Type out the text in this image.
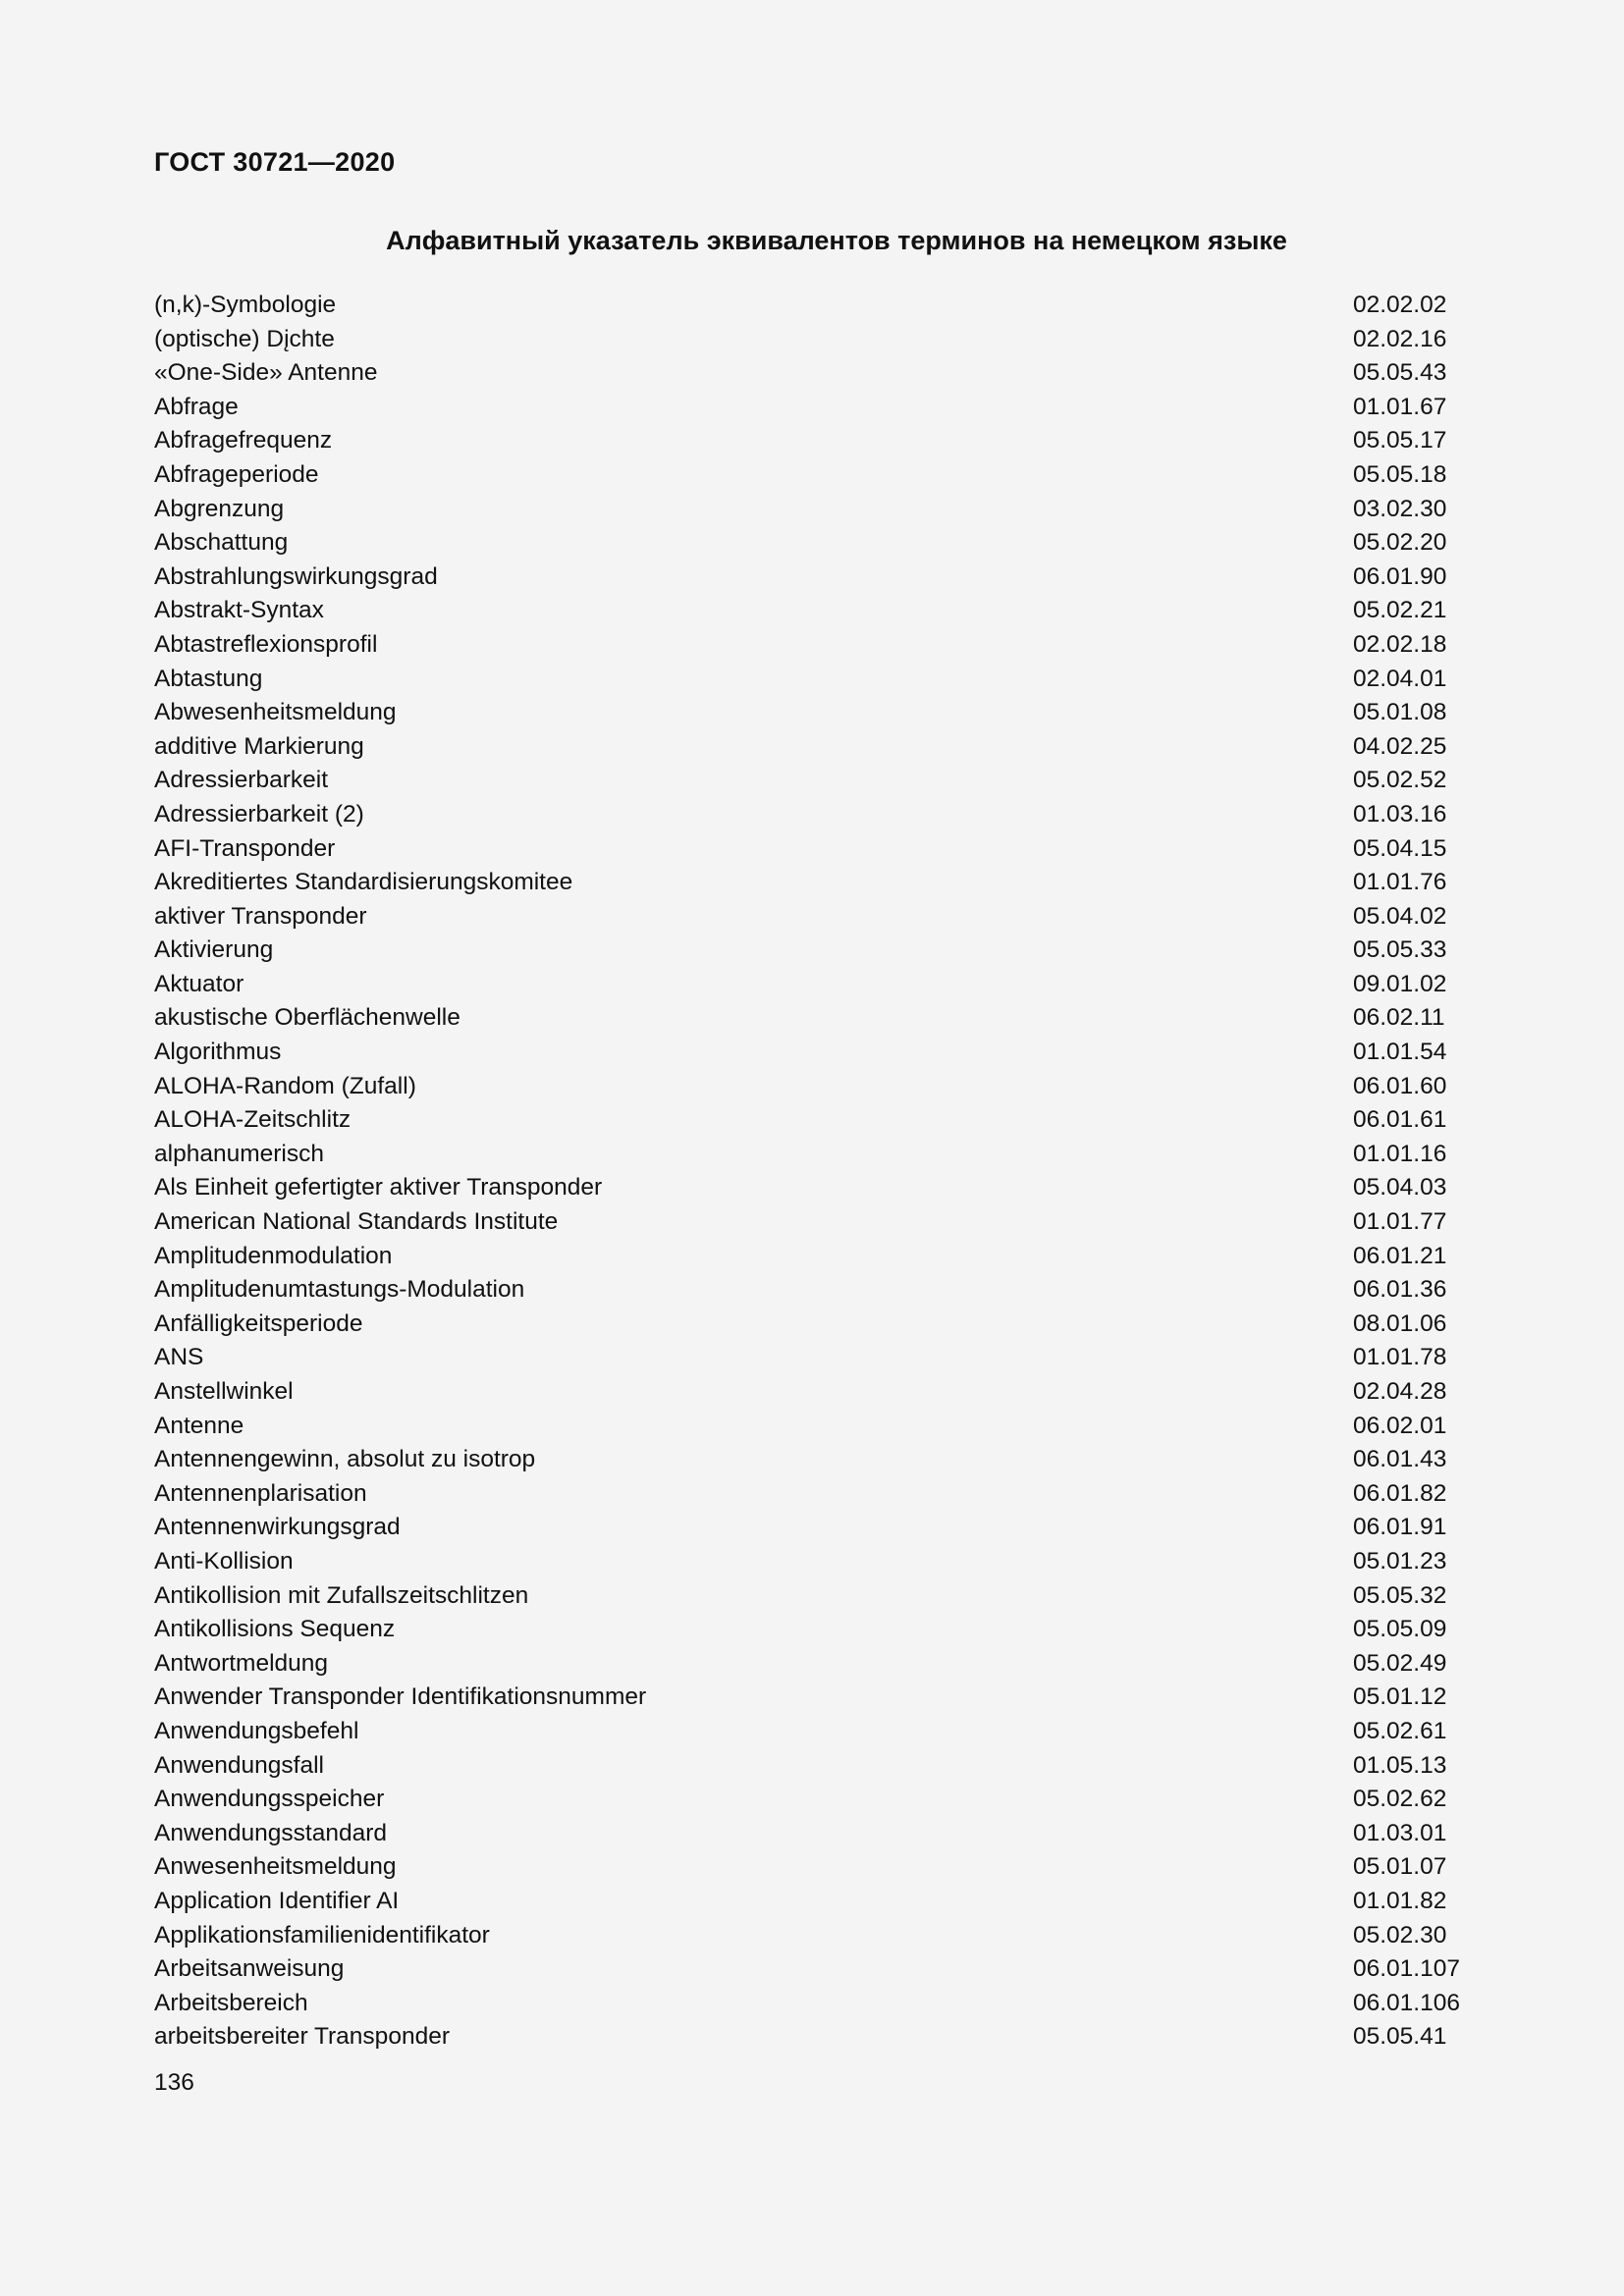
ГОСТ 30721—2020
Алфавитный указатель эквивалентов терминов на немецком языке
(n,k)-Symbologie	02.02.02
(optische) Dįchte	02.02.16
«One-Side» Antenne	05.05.43
Abfrage	01.01.67
Abfragefrequenz	05.05.17
Abfrageperiode	05.05.18
Abgrenzung	03.02.30
Abschattung	05.02.20
Abstrahlungswirkungsgrad	06.01.90
Abstrakt-Syntax	05.02.21
Abtastreflexionsprofil	02.02.18
Abtastung	02.04.01
Abwesenheitsmeldung	05.01.08
additive Markierung	04.02.25
Adressierbarkeit	05.02.52
Adressierbarkeit (2)	01.03.16
AFI-Transponder	05.04.15
Akreditiertes Standardisierungskomitee	01.01.76
aktiver Transponder	05.04.02
Aktivierung	05.05.33
Aktuator	09.01.02
akustische Oberflächenwelle	06.02.11
Algorithmus	01.01.54
ALOHA-Random (Zufall)	06.01.60
ALOHA-Zeitschlitz	06.01.61
alphanumerisch	01.01.16
Als Einheit gefertigter aktiver Transponder	05.04.03
American National Standards Institute	01.01.77
Amplitudenmodulation	06.01.21
Amplitudenumtastungs-Modulation	06.01.36
Anfälligkeitsperiode	08.01.06
ANS	01.01.78
Anstellwinkel	02.04.28
Antenne	06.02.01
Antennengewinn, absolut zu isotrop	06.01.43
Antennenplarisation	06.01.82
Antennenwirkungsgrad	06.01.91
Anti-Kollision	05.01.23
Antikollision mit Zufallszeitschlitzen	05.05.32
Antikollisions Sequenz	05.05.09
Antwortmeldung	05.02.49
Anwender Transponder Identifikationsnummer	05.01.12
Anwendungsbefehl	05.02.61
Anwendungsfall	01.05.13
Anwendungsspeicher	05.02.62
Anwendungsstandard	01.03.01
Anwesenheitsmeldung	05.01.07
Application Identifier AI	01.01.82
Applikationsfamilienidentifikator	05.02.30
Arbeitsanweisung	06.01.107
Arbeitsbereich	06.01.106
arbeitsbereiter Transponder	05.05.41
136
